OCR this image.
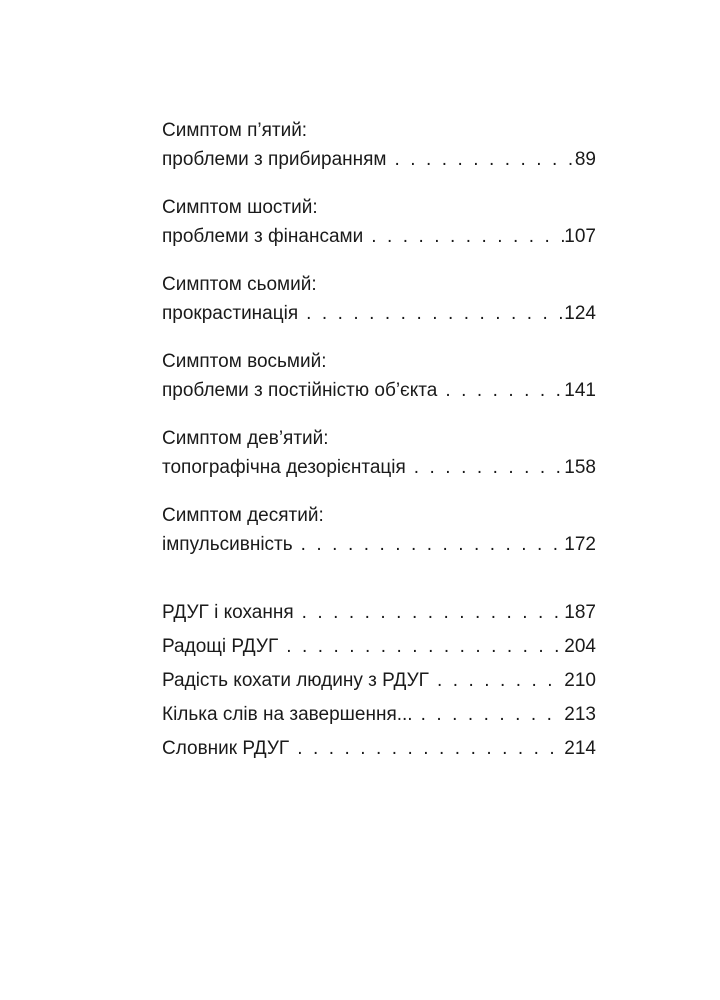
Симптом п’ятий:
проблеми з прибиранням . . .	89
Симптом шостий:
проблеми з фінансами . . .	107
Симптом сьомий:
прокрастинація . . .	124
Симптом восьмий:
проблеми з постійністю об’єкта . . .	141
Симптом дев’ятий:
топографічна дезорієнтація . . .	158
Симптом десятий:
імпульсивність . . .	172
РДУГ і кохання . . .	187
Радощі РДУГ . . .	204
Радість кохати людину з РДУГ . . .	210
Кілька слів на завершення... . . .	213
Словник РДУГ . . .	214
